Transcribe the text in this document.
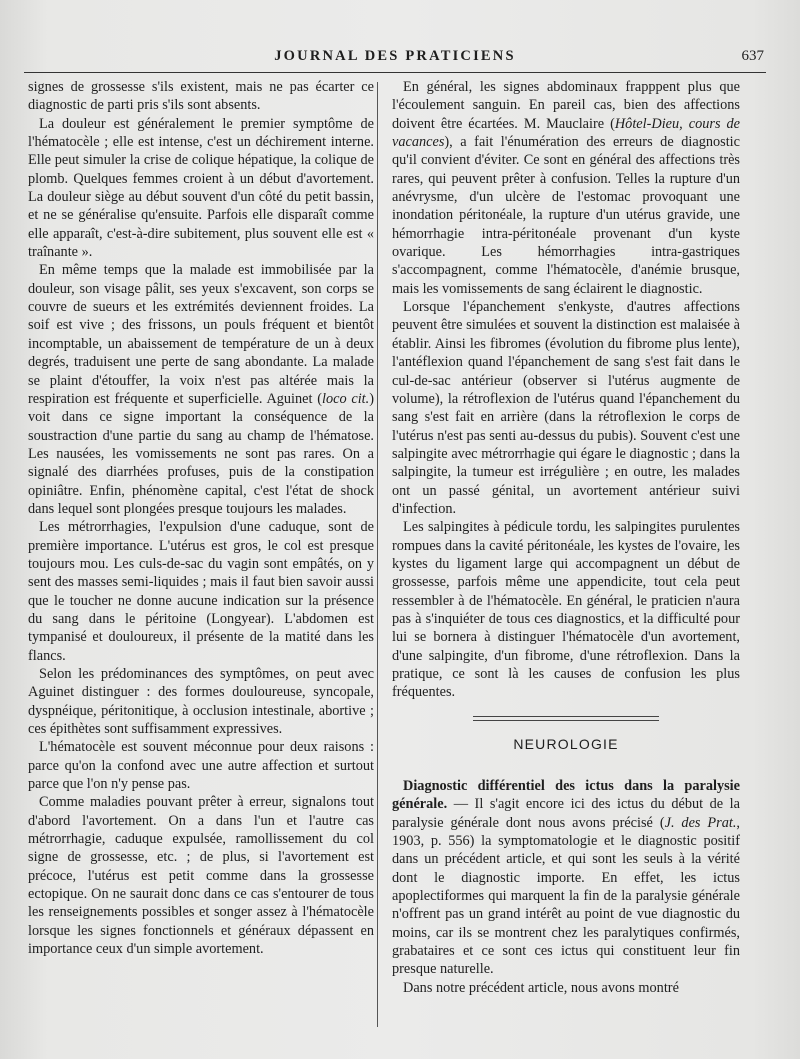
JOURNAL DES PRATICIENS	637

signes de grossesse s'ils existent, mais ne pas écarter ce diagnostic de parti pris s'ils sont absents.

La douleur est généralement le premier symptôme de l'hématocèle ; elle est intense, c'est un déchirement interne. Elle peut simuler la crise de colique hépatique, la colique de plomb. Quelques femmes croient à un début d'avortement. La douleur siège au début souvent d'un côté du petit bassin, et ne se généralise qu'ensuite. Parfois elle disparaît comme elle apparaît, c'est-à-dire subitement, plus souvent elle est « traînante ».

En même temps que la malade est immobilisée par la douleur, son visage pâlit, ses yeux s'excavent, son corps se couvre de sueurs et les extrémités deviennent froides. La soif est vive ; des frissons, un pouls fréquent et bientôt incomptable, un abaissement de température de un à deux degrés, traduisent une perte de sang abondante. La malade se plaint d'étouffer, la voix n'est pas altérée mais la respiration est fréquente et superficielle. Aguinet (loco cit.) voit dans ce signe important la conséquence de la soustraction d'une partie du sang au champ de l'hématose. Les nausées, les vomissements ne sont pas rares. On a signalé des diarrhées profuses, puis de la constipation opiniâtre. Enfin, phénomène capital, c'est l'état de shock dans lequel sont plongées presque toujours les malades.

Les métrorrhagies, l'expulsion d'une caduque, sont de première importance. L'utérus est gros, le col est presque toujours mou. Les culs-de-sac du vagin sont empâtés, on y sent des masses semi-liquides ; mais il faut bien savoir aussi que le toucher ne donne aucune indication sur la présence du sang dans le péritoine (Longyear). L'abdomen est tympanisé et douloureux, il présente de la matité dans les flancs.

Selon les prédominances des symptômes, on peut avec Aguinet distinguer : des formes douloureuse, syncopale, dyspnéique, péritonitique, à occlusion intestinale, abortive ; ces épithètes sont suffisamment expressives.

L'hématocèle est souvent méconnue pour deux raisons : parce qu'on la confond avec une autre affection et surtout parce que l'on n'y pense pas.

Comme maladies pouvant prêter à erreur, signalons tout d'abord l'avortement. On a dans l'un et l'autre cas métrorrhagie, caduque expulsée, ramollissement du col signe de grossesse, etc. ; de plus, si l'avortement est précoce, l'utérus est petit comme dans la grossesse ectopique. On ne saurait donc dans ce cas s'entourer de tous les renseignements possibles et songer assez à l'hématocèle lorsque les signes fonctionnels et généraux dépassent en importance ceux d'un simple avortement.

En général, les signes abdominaux frapppent plus que l'écoulement sanguin. En pareil cas, bien des affections doivent être écartées. M. Mauclaire (Hôtel-Dieu, cours de vacances), a fait l'énumération des erreurs de diagnostic qu'il convient d'éviter. Ce sont en général des affections très rares, qui peuvent prêter à confusion. Telles la rupture d'un anévrysme, d'un ulcère de l'estomac provoquant une inondation péritonéale, la rupture d'un utérus gravide, une hémorrhagie intra-péritonéale provenant d'un kyste ovarique. Les hémorrhagies intra-gastriques s'accompagnent, comme l'hématocèle, d'anémie brusque, mais les vomissements de sang éclairent le diagnostic.

Lorsque l'épanchement s'enkyste, d'autres affections peuvent être simulées et souvent la distinction est malaisée à établir. Ainsi les fibromes (évolution du fibrome plus lente), l'antéflexion quand l'épanchement de sang s'est fait dans le cul-de-sac antérieur (observer si l'utérus augmente de volume), la rétroflexion de l'utérus quand l'épanchement du sang s'est fait en arrière (dans la rétroflexion le corps de l'utérus n'est pas senti au-dessus du pubis). Souvent c'est une salpingite avec métrorrhagie qui égare le diagnostic ; dans la salpingite, la tumeur est irrégulière ; en outre, les malades ont un passé génital, un avortement antérieur suivi d'infection.

Les salpingites à pédicule tordu, les salpingites purulentes rompues dans la cavité péritonéale, les kystes de l'ovaire, les kystes du ligament large qui accompagnent un début de grossesse, parfois même une appendicite, tout cela peut ressembler à de l'hématocèle. En général, le praticien n'aura pas à s'inquiéter de tous ces diagnostics, et la difficulté pour lui se bornera à distinguer l'hématocèle d'un avortement, d'une salpingite, d'un fibrome, d'une rétroflexion. Dans la pratique, ce sont là les causes de confusion les plus fréquentes.

NEUROLOGIE

Diagnostic différentiel des ictus dans la paralysie générale. — Il s'agit encore ici des ictus du début de la paralysie générale dont nous avons précisé (J. des Prat., 1903, p. 556) la symptomatologie et le diagnostic positif dans un précédent article, et qui sont les seuls à la vérité dont le diagnostic importe. En effet, les ictus apoplectiformes qui marquent la fin de la paralysie générale n'offrent pas un grand intérêt au point de vue diagnostic du moins, car ils se montrent chez les paralytiques confirmés, grabataires et ce sont ces ictus qui constituent leur fin presque naturelle.

Dans notre précédent article, nous avons montré
